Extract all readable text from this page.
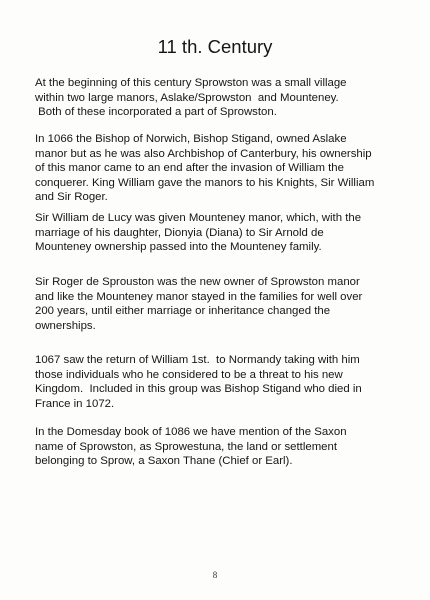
11 th. Century

At the beginning of this century Sprowston was a small village
within two large manors, Aslake/Sprowston  and Mounteney.
Both of these incorporated a part of Sprowston.

In 1066 the Bishop of Norwich, Bishop Stigand, owned Aslake
manor but as he was also Archbishop of Canterbury, his ownership
of this manor came to an end after the invasion of William the
conquerer. King William gave the manors to his Knights, Sir William
and Sir Roger.

Sir William de Lucy was given Mounteney manor, which, with the
marriage of his daughter, Dionyia (Diana) to Sir Arnold de
Mounteney ownership passed into the Mounteney family.

Sir Roger de Sprouston was the new owner of Sprowston manor
and like the Mounteney manor stayed in the families for well over
200 years, until either marriage or inheritance changed the
ownerships.

1067 saw the return of William 1st.  to Normandy taking with him
those individuals who he considered to be a threat to his new
Kingdom.  Included in this group was Bishop Stigand who died in
France in 1072.

In the Domesday book of 1086 we have mention of the Saxon
name of Sprowston, as Sprowestuna, the land or settlement
belonging to Sprow, a Saxon Thane (Chief or Earl).

8
